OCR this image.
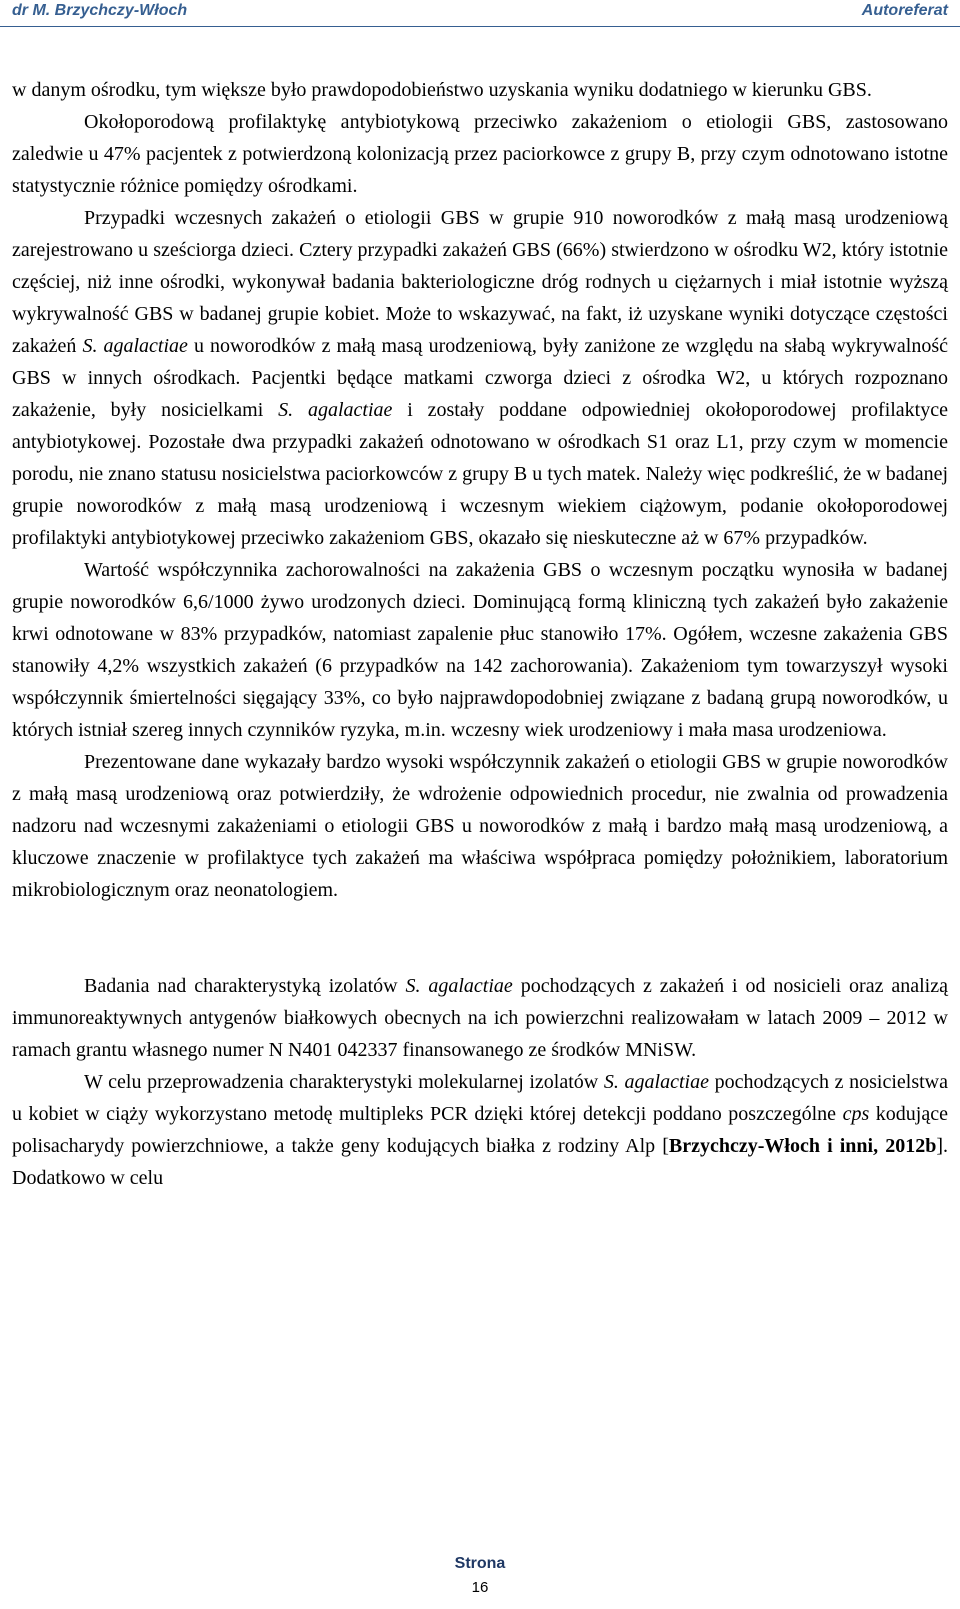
dr M. Brzychczy-Włoch	Autoreferat

w danym ośrodku, tym większe było prawdopodobieństwo uzyskania wyniku dodatniego w kierunku GBS.

Okołoporodową profilaktykę antybiotykową przeciwko zakażeniom o etiologii GBS, zastosowano zaledwie u 47% pacjentek z potwierdzoną kolonizacją przez paciorkowce z grupy B, przy czym odnotowano istotne statystycznie różnice pomiędzy ośrodkami.

Przypadki wczesnych zakażeń o etiologii GBS w grupie 910 noworodków z małą masą urodzeniową zarejestrowano u sześciorga dzieci. Cztery przypadki zakażeń GBS (66%) stwierdzono w ośrodku W2, który istotnie częściej, niż inne ośrodki, wykonywał badania bakteriologiczne dróg rodnych u ciężarnych i miał istotnie wyższą wykrywalność GBS w badanej grupie kobiet. Może to wskazywać, na fakt, iż uzyskane wyniki dotyczące częstości zakażeń S. agalactiae u noworodków z małą masą urodzeniową, były zaniżone ze względu na słabą wykrywalność GBS w innych ośrodkach. Pacjentki będące matkami czworga dzieci z ośrodka W2, u których rozpoznano zakażenie, były nosicielkami S. agalactiae i zostały poddane odpowiedniej okołoporodowej profilaktyce antybiotykowej. Pozostałe dwa przypadki zakażeń odnotowano w ośrodkach S1 oraz L1, przy czym w momencie porodu, nie znano statusu nosicielstwa paciorkowców z grupy B u tych matek. Należy więc podkreślić, że w badanej grupie noworodków z małą masą urodzeniową i wczesnym wiekiem ciążowym, podanie okołoporodowej profilaktyki antybiotykowej przeciwko zakażeniom GBS, okazało się nieskuteczne aż w 67% przypadków.

Wartość współczynnika zachorowalności na zakażenia GBS o wczesnym początku wynosiła w badanej grupie noworodków 6,6/1000 żywo urodzonych dzieci. Dominującą formą kliniczną tych zakażeń było zakażenie krwi odnotowane w 83% przypadków, natomiast zapalenie płuc stanowiło 17%. Ogółem, wczesne zakażenia GBS stanowiły 4,2% wszystkich zakażeń (6 przypadków na 142 zachorowania). Zakażeniom tym towarzyszył wysoki współczynnik śmiertelności sięgający 33%, co było najprawdopodobniej związane z badaną grupą noworodków, u których istniał szereg innych czynników ryzyka, m.in. wczesny wiek urodzeniowy i mała masa urodzeniowa.

Prezentowane dane wykazały bardzo wysoki współczynnik zakażeń o etiologii GBS w grupie noworodków z małą masą urodzeniową oraz potwierdziły, że wdrożenie odpowiednich procedur, nie zwalnia od prowadzenia nadzoru nad wczesnymi zakażeniami o etiologii GBS u noworodków z małą i bardzo małą masą urodzeniową, a kluczowe znaczenie w profilaktyce tych zakażeń ma właściwa współpraca pomiędzy położnikiem, laboratorium mikrobiologicznym oraz neonatologiem.

Badania nad charakterystyką izolatów S. agalactiae pochodzących z zakażeń i od nosicieli oraz analizą immunoreaktywnych antygenów białkowych obecnych na ich powierzchni realizowałam w latach 2009 – 2012 w ramach grantu własnego numer N N401 042337 finansowanego ze środków MNiSW.

W celu przeprowadzenia charakterystyki molekularnej izolatów S. agalactiae pochodzących z nosicielstwa u kobiet w ciąży wykorzystano metodę multipleks PCR dzięki której detekcji poddano poszczególne cps kodujące polisacharydy powierzchniowe, a także geny kodujących białka z rodziny Alp [Brzychczy-Włoch i inni, 2012b]. Dodatkowo w celu

Strona
16
